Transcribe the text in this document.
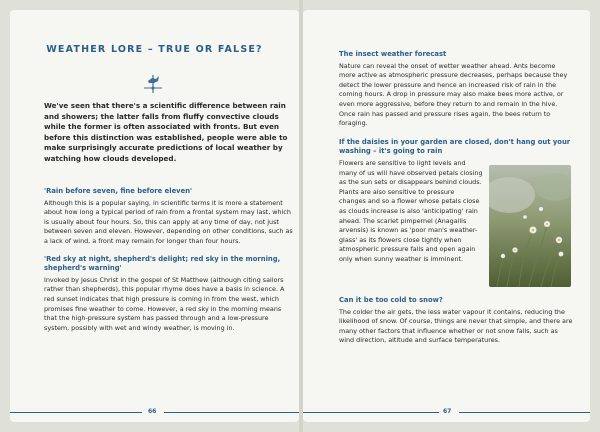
WEATHER LORE – TRUE OR FALSE?
We've seen that there's a scientific difference between rain and showers; the latter falls from fluffy convective clouds while the former is often associated with fronts. But even before this distinction was established, people were able to make surprisingly accurate predictions of local weather by watching how clouds developed.
'Rain before seven, fine before eleven'

Although this is a popular saying, in scientific terms it is more a statement about how long a typical period of rain from a frontal system may last, which is usually about four hours. So, this can apply at any time of day, not just between seven and eleven. However, depending on other conditions, such as a lack of wind, a front may remain for longer than four hours.

'Red sky at night, shepherd's delight; red sky in the morning, shepherd's warning'

Invoked by Jesus Christ in the gospel of St Matthew (although citing sailors rather than shepherds), this popular rhyme does have a basis in science. A red sunset indicates that high pressure is coming in from the west, which promises fine weather to come. However, a red sky in the morning means that the high-pressure system has passed through and a low-pressure system, possibly with wet and windy weather, is moving in.

66
The insect weather forecast

Nature can reveal the onset of wetter weather ahead. Ants become more active as atmospheric pressure decreases, perhaps because they detect the lower pressure and hence an increased risk of rain in the coming hours. A drop in pressure may also make bees more active, or even more aggressive, before they return to and remain in the hive. Once rain has passed and pressure rises again, the bees return to foraging.

If the daisies in your garden are closed, don't hang out your washing – it's going to rain

Flowers are sensitive to light levels and many of us will have observed petals closing as the sun sets or disappears behind clouds. Plants are also sensitive to pressure changes and so a flower whose petals close as clouds increase is also 'anticipating' rain ahead. The scarlet pimpernel (Anagallis arvensis) is known as 'poor man's weather-glass' as its flowers close tightly when atmospheric pressure falls and open again only when sunny weather is imminent.

Can it be too cold to snow?

The colder the air gets, the less water vapour it contains, reducing the likelihood of snow. Of course, things are never that simple, and there are many other factors that influence whether or not snow falls, such as wind direction, altitude and surface temperatures.

67
